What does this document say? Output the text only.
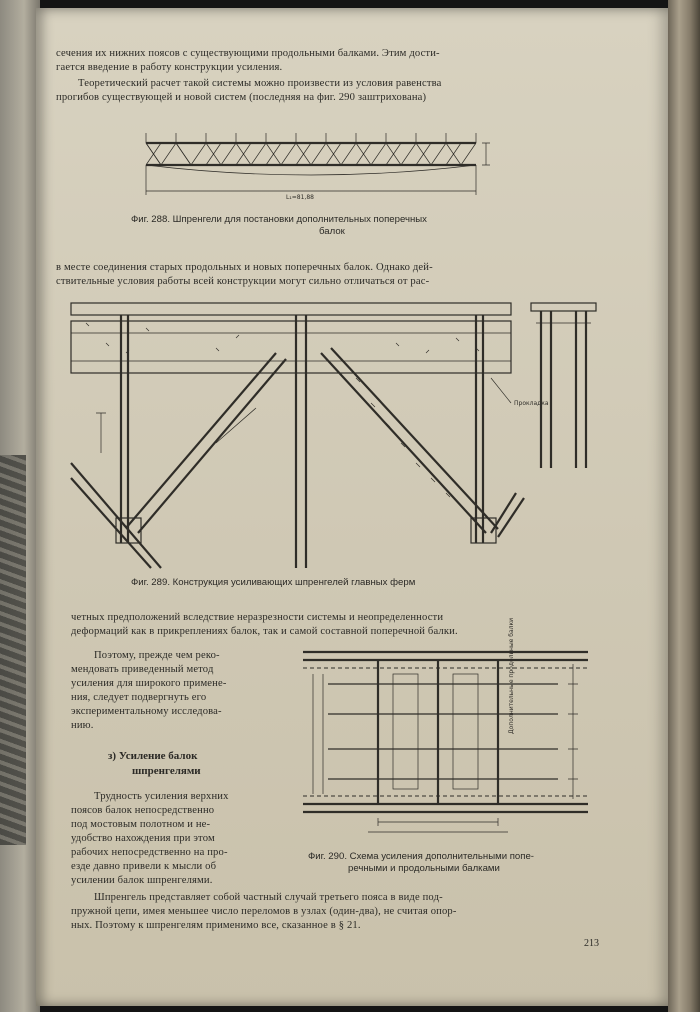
сечения их нижних поясов с существующими продольными балками. Этим дости-
гается введение в работу конструкции усиления.
Теоретический расчет такой системы можно произвести из условия равенства
прогибов существующей и новой систем (последняя на фиг. 290 заштрихована)
L₁=81,88
Фиг. 288. Шпренгели для постановки дополнительных поперечных
балок
в месте соединения старых продольных и новых поперечных балок. Однако дей-
ствительные условия работы всей конструкции могут сильно отличаться от рас-
Прокладка
Фиг. 289. Конструкция усиливающих шпренгелей главных ферм
четных предположений вследствие неразрезности системы и неопределенности
деформаций как в прикреплениях балок, так и самой составной поперечной балки.
Поэтому, прежде чем реко-
мендовать приведенный метод
усиления для широкого примене-
ния, следует подвергнуть его
экспериментальному исследова-
нию.
з) Усиление балок
шпренгелями
Трудность усиления верхних
поясов балок непосредственно
под мостовым полотном и не-
удобство нахождения при этом
рабочих непосредственно на про-
езде давно привели к мысли об
усилении балок шпренгелями.
Дополнительные продольные балки
Фиг. 290. Схема усиления дополнительными попе-
речными и продольными балками
Шпренгель представляет собой частный случай третьего пояса в виде под-
пружной цепи, имея меньшее число переломов в узлах (один-два), не считая опор-
ных. Поэтому к шпренгелям применимо все, сказанное в § 21.
213
